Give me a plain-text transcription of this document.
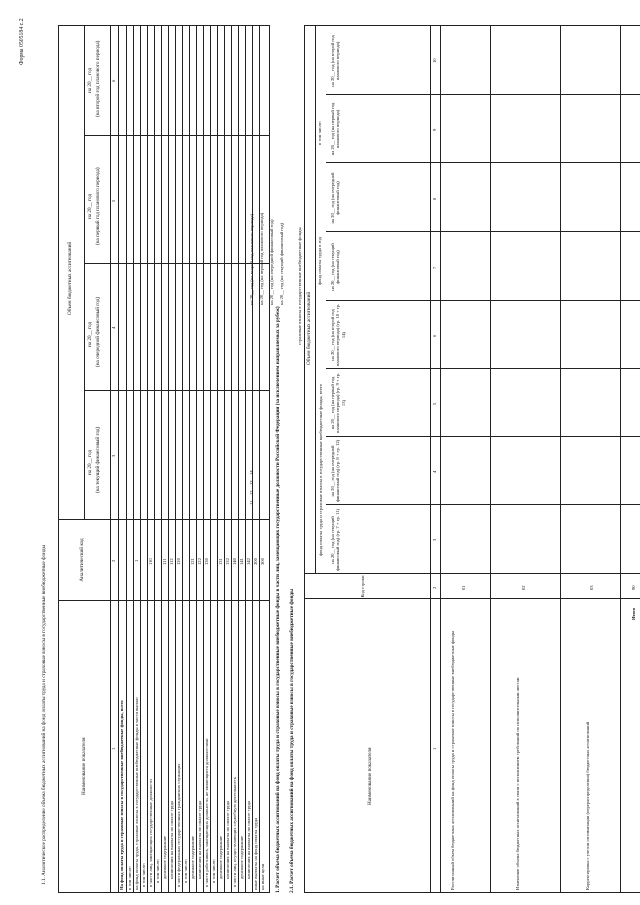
Форма 0505184 с.2
1.1. Аналитическое распределение объема бюджетных ассигнований на фонд оплаты труда и страховые взносы в государственные внебюджетные фонды	Наименование показателя
Аналитический код
Объем бюджетных ассигнований
на 20__ год (на текущий финансовый год)
на 20__ год (на очередной финансовый год)
на 20__ год (на первый год планового периода)
на 20__ год (на второй год планового периода)
1
2
3
4
5
6
На фонд оплаты труда и страховые взносы в государственные внебюджетные фонды, всего в том числе: на фонд оплаты труда, страховые взносы в государственные внебюджетные фонды в части выплат
1
в том числе: в части лиц, замещающих государственные должности
110
в том числе: денежное содержание
111
начисления на выплаты по оплате труда
112
в части федеральных государственных гражданских служащих
120
в том числе: денежное содержание
121
начисления на выплаты по оплате труда
122
в части работников, замещающих должности, не являющиеся должностями
130
в том числе: денежное содержание
131
начисления на выплаты по оплате труда
132
в части лиц, осуществляющих служебную деятельность
140
денежное содержание
141
начисления на выплаты по оплате труда
142
иные выплаты на фонд оплаты труда
200
на иные цели
300 1. Расчет объема бюджетных ассигнований на фонд оплаты труда и страховые взносы в государственные внебюджетные фонды в части лиц, замещающих государственные должности Российской Федерации (за исключением направляемых за рубеж) 2.1. Расчет объема бюджетных ассигнований на фонд оплаты труда и страховые взносы в государственные внебюджетные фонды	Наименование показателя
Код строки
Объем бюджетных ассигнований
на 20__ год (на текущий финансовый год) (гр. 7 + гр. 11)
на 20__ год (на очередной финансовый год) (гр. 8 + гр. 12)
на 20__ год (на первый год планового периода) (гр. 9 + гр. 13)
на 20__ год (на второй год планового периода) (гр. 10 + гр. 14)
на 20__ год (на текущий финансовый год)
на 20__ год (на очередной финансовый год)
на 20__ год (на первый год планового периода)
на 20__ год (на второй год планового периода)
1
2
3
4
5
6
7
8
9
10
Рассчитанный объем бюджетных ассигнований на фонд оплаты труда и страховые взносы в государственные внебюджетные фонды
01
Изменение объема бюджетных ассигнований в связи с исполнением требований по исполнительным листам
02
Корректировка с учетом оптимизации (перераспределения) бюджетных ассигнований
03
Итого
90
фонд оплаты труда и страховые взносы в государственные внебюджетные фонды, всего
фонд оплаты труда в год
в том числе:
страховые взносы в государственные внебюджетные фонды
на 20__ год (на текущий финансовый год)
на 20__ год (на очередной финансовый год)
на 20__ год (на первый год планового периода)
на 20__ год (на второй год планового периода)
11
12
13
14
